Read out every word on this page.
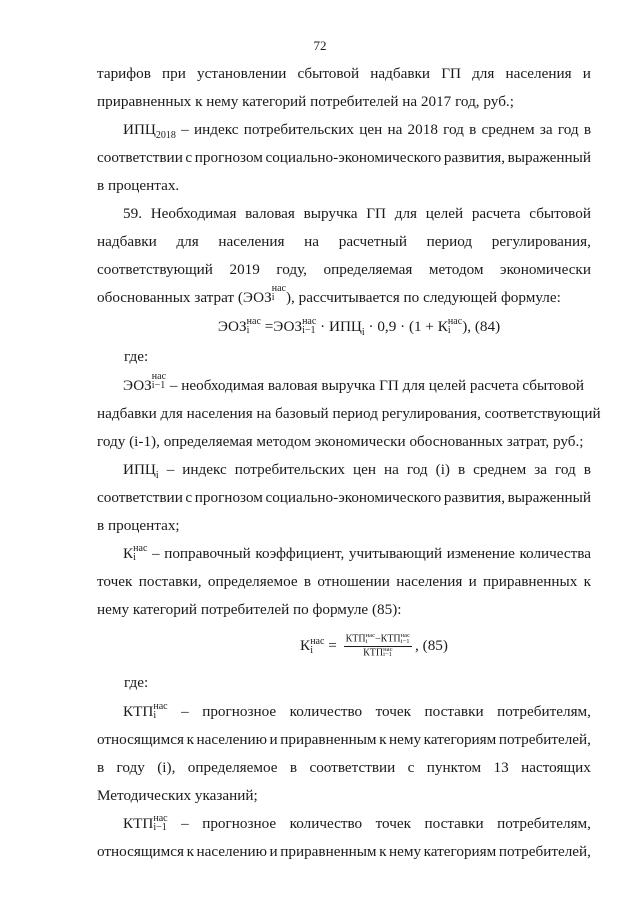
72
тарифов при установлении сбытовой надбавки ГП для населения и
приравненных к нему категорий потребителей на 2017 год, руб.;
$ИПЦ_{2018}$ – индекс потребительских цен на 2018 год в среднем за год в
соответствии с прогнозом социально-экономического развития, выраженный
в процентах.
59. Необходимая валовая выручка ГП для целей расчета сбытовой
надбавки для населения на расчетный период регулирования,
соответствующий 2019 году, определяемая методом экономически
обоснованных затрат (ЭОЗ
нас
i ), рассчитывается по следующей формуле:
ЭОЗ нас
i =ЭОЗ нас
$i-1 \cdot ИПЦ_i \cdot 0,9 \cdot (1 + К$ нас
i ), (84)
где:
ЭОЗ
нас
i−1 – необходимая валовая выручка ГП для целей расчета сбытовой
надбавки для населения на базовый период регулирования, соответствующий
году (i-1), определяемая методом экономически обоснованных затрат, руб.;
$ИПЦ_i$ – индекс потребительских цен на год (i) в среднем за год в
соответствии с прогнозом социально-экономического развития, выраженный
в процентах;
К нас
i	– поправочный коэффициент, учитывающий изменение количества
точек поставки, определяемое в отношении населения и приравненных к
нему категорий потребителей по формуле (85):
К нас
i = КТП нас
i −КТП нас
i−1
КТП нас
i−1 , (85)
где:
КТП нас
i	– прогнозное количество точек поставки потребителям,
относящимся к населению и приравненным к нему категориям потребителей,
в году (i), определяемое в соответствии с пунктом 13 настоящих
Методических указаний;
КТП нас
i−1 – прогнозное количество точек поставки потребителям,
относящимся к населению и приравненным к нему категориям потребителей,
